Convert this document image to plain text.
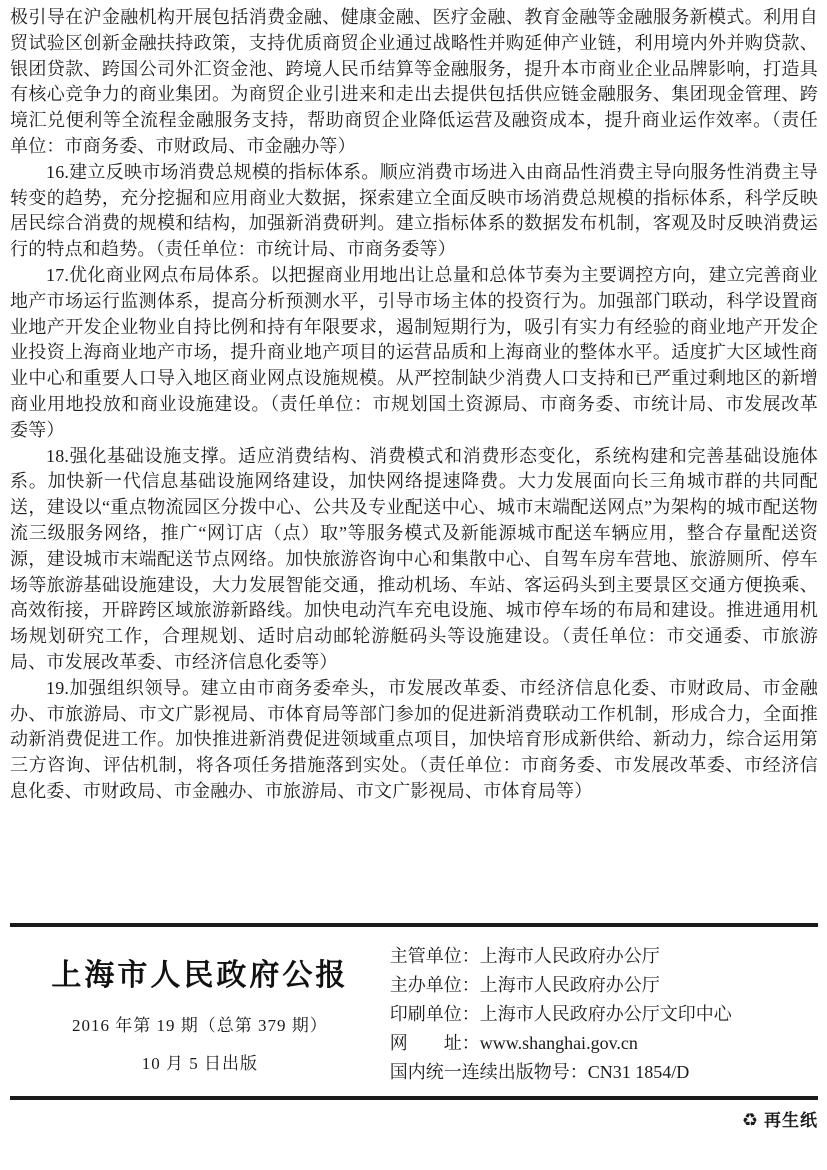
极引导在沪金融机构开展包括消费金融、健康金融、医疗金融、教育金融等金融服务新模式。利用自贸试验区创新金融扶持政策，支持优质商贸企业通过战略性并购延伸产业链，利用境内外并购贷款、银团贷款、跨国公司外汇资金池、跨境人民币结算等金融服务，提升本市商业企业品牌影响，打造具有核心竞争力的商业集团。为商贸企业引进来和走出去提供包括供应链金融服务、集团现金管理、跨境汇兑便利等全流程金融服务支持，帮助商贸企业降低运营及融资成本，提升商业运作效率。（责任单位：市商务委、市财政局、市金融办等）

16.建立反映市场消费总规模的指标体系。顺应消费市场进入由商品性消费主导向服务性消费主导转变的趋势，充分挖掘和应用商业大数据，探索建立全面反映市场消费总规模的指标体系，科学反映居民综合消费的规模和结构，加强新消费研判。建立指标体系的数据发布机制，客观及时反映消费运行的特点和趋势。（责任单位：市统计局、市商务委等）

17.优化商业网点布局体系。以把握商业用地出让总量和总体节奏为主要调控方向，建立完善商业地产市场运行监测体系，提高分析预测水平，引导市场主体的投资行为。加强部门联动，科学设置商业地产开发企业物业自持比例和持有年限要求，遏制短期行为，吸引有实力有经验的商业地产开发企业投资上海商业地产市场，提升商业地产项目的运营品质和上海商业的整体水平。适度扩大区域性商业中心和重要人口导入地区商业网点设施规模。从严控制缺少消费人口支持和已严重过剩地区的新增商业用地投放和商业设施建设。（责任单位：市规划国土资源局、市商务委、市统计局、市发展改革委等）

18.强化基础设施支撑。适应消费结构、消费模式和消费形态变化，系统构建和完善基础设施体系。加快新一代信息基础设施网络建设，加快网络提速降费。大力发展面向长三角城市群的共同配送，建设以“重点物流园区分拨中心、公共及专业配送中心、城市末端配送网点”为架构的城市配送物流三级服务网络，推广“网订店（点）取”等服务模式及新能源城市配送车辆应用，整合存量配送资源，建设城市末端配送节点网络。加快旅游咨询中心和集散中心、自驾车房车营地、旅游厕所、停车场等旅游基础设施建设，大力发展智能交通，推动机场、车站、客运码头到主要景区交通方便换乘、高效衔接，开辟跨区域旅游新路线。加快电动汽车充电设施、城市停车场的布局和建设。推进通用机场规划研究工作，合理规划、适时启动邮轮游艇码头等设施建设。（责任单位：市交通委、市旅游局、市发展改革委、市经济信息化委等）

19.加强组织领导。建立由市商务委牵头，市发展改革委、市经济信息化委、市财政局、市金融办、市旅游局、市文广影视局、市体育局等部门参加的促进新消费联动工作机制，形成合力，全面推动新消费促进工作。加快推进新消费促进领域重点项目，加快培育形成新供给、新动力，综合运用第三方咨询、评估机制，将各项任务措施落到实处。（责任单位：市商务委、市发展改革委、市经济信息化委、市财政局、市金融办、市旅游局、市文广影视局、市体育局等）

上海市人民政府公报
2016 年第 19 期（总第 379 期）
10 月 5 日出版
主管单位：上海市人民政府办公厅
主办单位：上海市人民政府办公厅
印刷单位：上海市人民政府办公厅文印中心
网　　址：www.shanghai.gov.cn
国内统一连续出版物号：CN31 1854/D
♻ 再生纸
